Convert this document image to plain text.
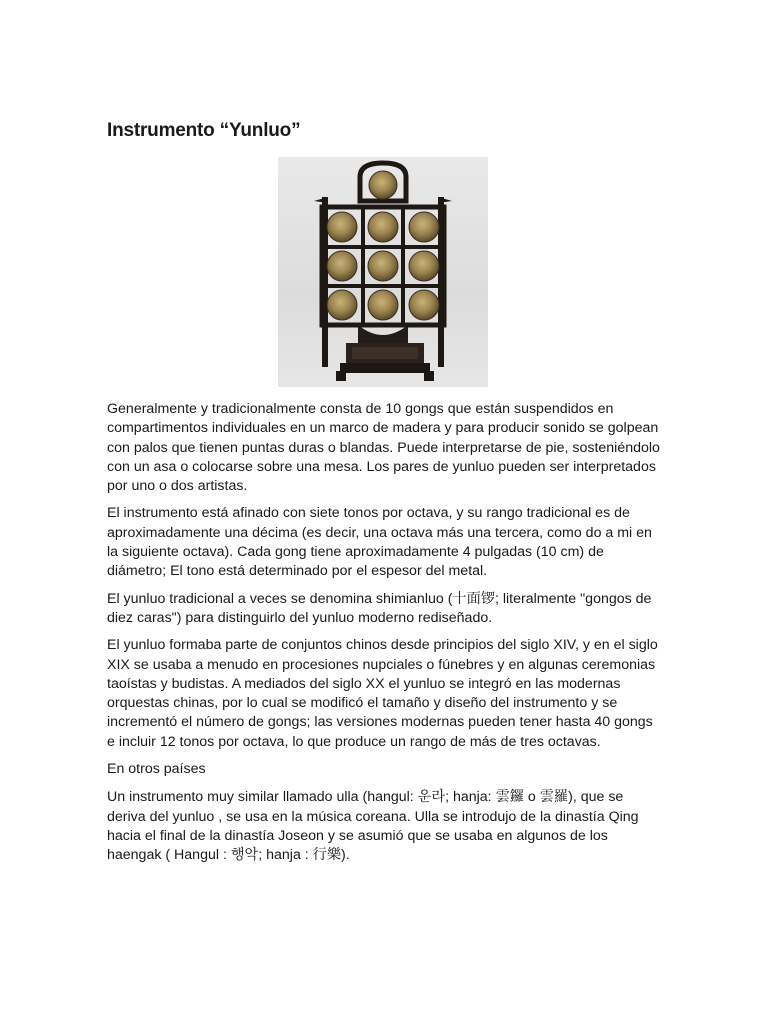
Instrumento “Yunluo”

Generalmente y tradicionalmente consta de 10 gongs que están suspendidos en compartimentos individuales en un marco de madera y para producir sonido se golpean con palos que tienen puntas duras o blandas. Puede interpretarse de pie, sosteniéndolo con un asa o colocarse sobre una mesa. Los pares de yunluo pueden ser interpretados por uno o dos artistas.

El instrumento está afinado con siete tonos por octava, y su rango tradicional es de aproximadamente una décima (es decir, una octava más una tercera, como do a mi en la siguiente octava). Cada gong tiene aproximadamente 4 pulgadas (10 cm) de diámetro; El tono está determinado por el espesor del metal.

El yunluo tradicional a veces se denomina shimianluo (十面锣; literalmente "gongos de diez caras") para distinguirlo del yunluo moderno rediseñado.

El yunluo formaba parte de conjuntos chinos desde principios del siglo XIV, y en el siglo XIX se usaba a menudo en procesiones nupciales o fúnebres y en algunas ceremonias taoístas y budistas. A mediados del siglo XX el yunluo se integró en las modernas orquestas chinas, por lo cual se modificó el tamaño y diseño del instrumento y se incrementó el número de gongs; las versiones modernas pueden tener hasta 40 gongs e incluir 12 tonos por octava, lo que produce un rango de más de tres octavas.

En otros países

Un instrumento muy similar llamado ulla (hangul: 운라; hanja: 雲鑼 o 雲羅), que se deriva del yunluo , se usa en la música coreana. Ulla se introdujo de la dinastía Qing hacia el final de la dinastía Joseon y se asumió que se usaba en algunos de los haengak ( Hangul : 행악; hanja : 行樂).
